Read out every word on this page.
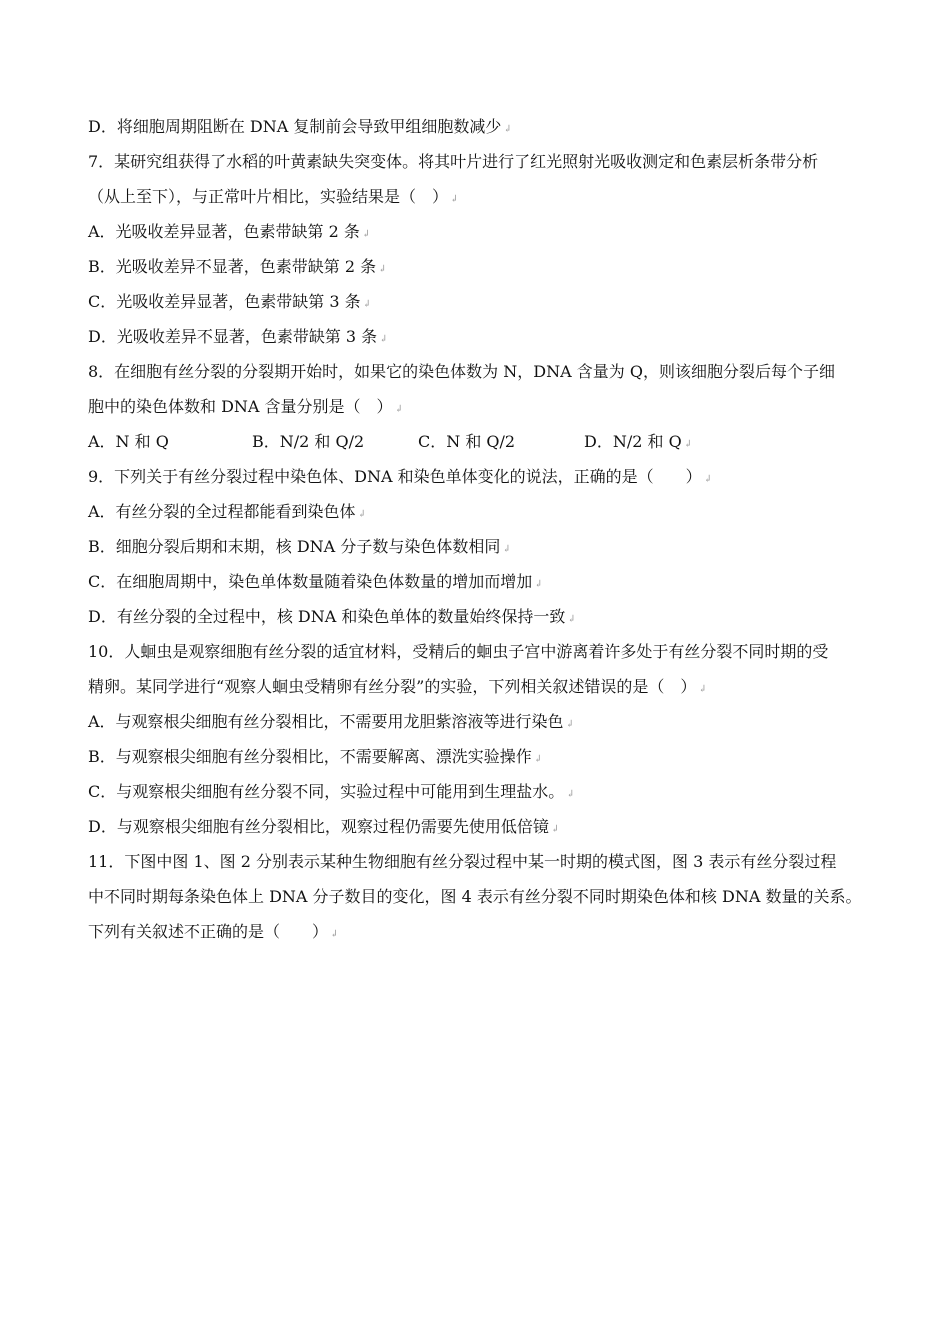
D．将细胞周期阻断在 DNA 复制前会导致甲组细胞数减少 ↲
7．某研究组获得了水稻的叶黄素缺失突变体。将其叶片进行了红光照射光吸收测定和色素层析条带分析
（从上至下），与正常叶片相比，实验结果是（　） ↲
A．光吸收差异显著，色素带缺第 2 条 ↲
B．光吸收差异不显著，色素带缺第 2 条 ↲
C．光吸收差异显著，色素带缺第 3 条 ↲
D．光吸收差异不显著，色素带缺第 3 条 ↲
8．在细胞有丝分裂的分裂期开始时，如果它的染色体数为 N，DNA 含量为 Q，则该细胞分裂后每个子细
胞中的染色体数和 DNA 含量分别是（　） ↲
A．N 和 Q	B．N/2 和 Q/2	C．N 和 Q/2	D．N/2 和 Q ↲
9．下列关于有丝分裂过程中染色体、DNA 和染色单体变化的说法，正确的是（　　） ↲
A．有丝分裂的全过程都能看到染色体 ↲
B．细胞分裂后期和末期，核 DNA 分子数与染色体数相同 ↲
C．在细胞周期中，染色单体数量随着染色体数量的增加而增加 ↲
D．有丝分裂的全过程中，核 DNA 和染色单体的数量始终保持一致 ↲
10．人蛔虫是观察细胞有丝分裂的适宜材料，受精后的蛔虫子宫中游离着许多处于有丝分裂不同时期的受
精卵。某同学进行“观察人蛔虫受精卵有丝分裂”的实验，下列相关叙述错误的是（　） ↲
A．与观察根尖细胞有丝分裂相比，不需要用龙胆紫溶液等进行染色 ↲
B．与观察根尖细胞有丝分裂相比，不需要解离、漂洗实验操作 ↲
C．与观察根尖细胞有丝分裂不同，实验过程中可能用到生理盐水。 ↲
D．与观察根尖细胞有丝分裂相比，观察过程仍需要先使用低倍镜 ↲
11．下图中图 1、图 2 分别表示某种生物细胞有丝分裂过程中某一时期的模式图，图 3 表示有丝分裂过程
中不同时期每条染色体上 DNA 分子数目的变化，图 4 表示有丝分裂不同时期染色体和核 DNA 数量的关系。
下列有关叙述不正确的是（　　） ↲
